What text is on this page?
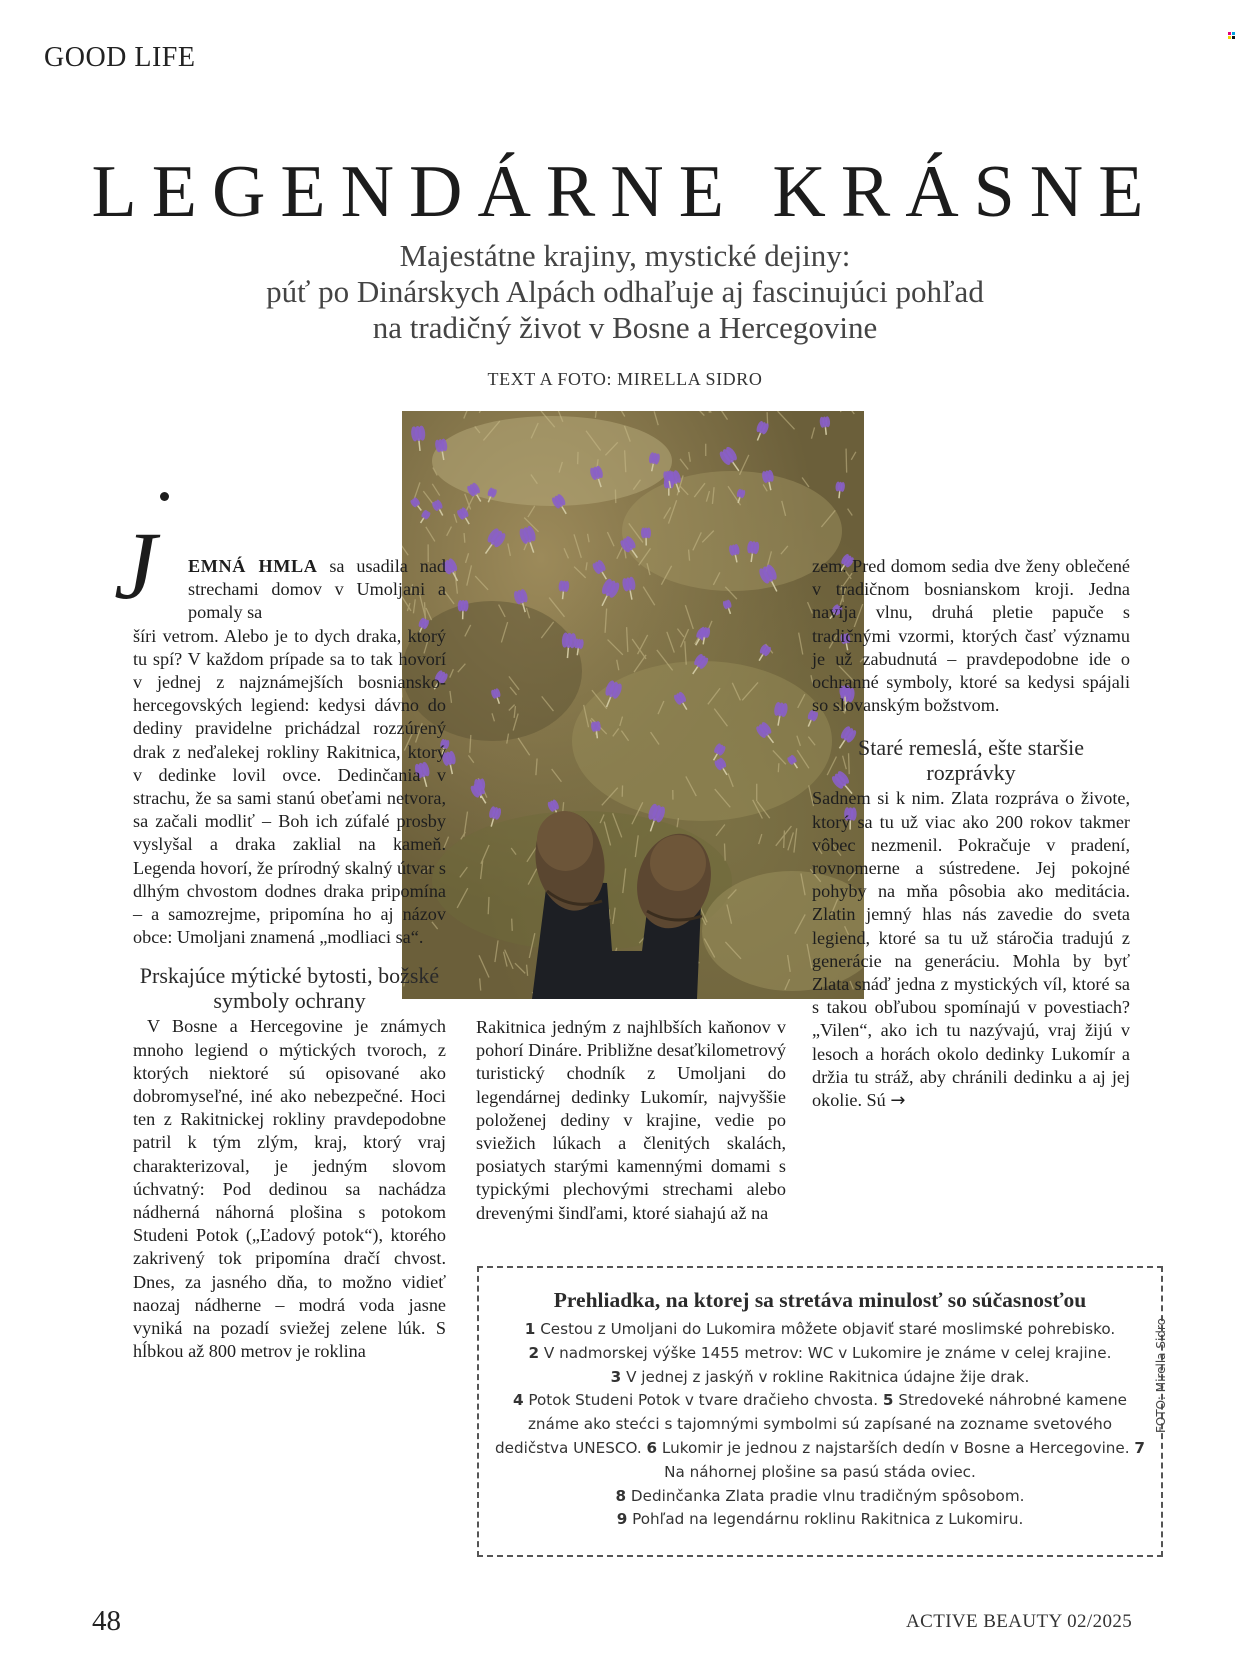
GOOD LIFE
LEGENDÁRNE KRÁSNE
Majestátne krajiny, mystické dejiny:
púť po Dinárskych Alpách odhaľuje aj fascinujúci pohľad
na tradičný život v Bosne a Hercegovine
TEXT A FOTO: MIRELLA SIDRO
J	EMNÁ HMLA sa usadila nad strechami domov v Umoljani a pomaly sa

šíri vetrom. Alebo je to dych draka, ktorý tu spí? V každom prípade sa to tak hovorí v jednej z najznámejších bosniansko-hercegovských legiend: kedysi dávno do dediny pravidelne prichádzal rozzúrený drak z neďalekej rokliny Rakitnica, ktorý v dedinke lovil ovce. Dedinčania v strachu, že sa sami stanú obeťami netvora, sa začali modliť – Boh ich zúfalé prosby vyslyšal a draka zaklial na kameň. Legenda hovorí, že prírodný skalný útvar s dlhým chvostom dodnes draka pripomína – a samozrejme, pripomína ho aj názov obce: Umoljani znamená „modliaci sa“.

Prskajúce mýtické bytosti, božské symboly ochrany

V Bosne a Hercegovine je známych mnoho legiend o mýtických tvoroch, z ktorých niektoré sú opisované ako dobromyseľné, iné ako nebezpečné. Hoci ten z Rakitnickej rokliny pravdepodobne patril k tým zlým, kraj, ktorý vraj charakterizoval, je jedným slovom úchvatný: Pod dedinou sa nachádza nádherná náhorná plošina s potokom Studeni Potok („Ľadový potok“), ktorého zakrivený tok pripomína dračí chvost. Dnes, za jasného dňa, to možno vidieť naozaj nádherne – modrá voda jasne vyniká na pozadí sviežej zelene lúk. S hĺbkou až 800 metrov je roklina

Rakitnica jedným z najhlbších kaňonov v pohorí Dináre. Približne desaťkilometrový turistický chodník z Umoljani do legendárnej dedinky Lukomír, najvyššie položenej dediny v krajine, vedie po sviežich lúkach a členitých skalách, posiatych starými kamennými domami s typickými plechovými strechami alebo drevenými šindľami, ktoré siahajú až na

zem. Pred domom sedia dve ženy oblečené v tradičnom bosnianskom kroji. Jedna navíja vlnu, druhá pletie papuče s tradičnými vzormi, ktorých časť významu je už zabudnutá – pravdepodobne ide o ochranné symboly, ktoré sa kedysi spájali so slovanským božstvom.

Staré remeslá, ešte staršie rozprávky

Sadnem si k nim. Zlata rozpráva o živote, ktorý sa tu už viac ako 200 rokov takmer vôbec nezmenil. Pokračuje v pradení, rovnomerne a sústredene. Jej pokojné pohyby na mňa pôsobia ako meditácia. Zlatin jemný hlas nás zavedie do sveta legiend, ktoré sa tu už stáročia tradujú z generácie na generáciu. Mohla by byť Zlata snáď jedna z mystických víl, ktoré sa s takou obľubou spomínajú v povestiach? „Vilen“, ako ich tu nazývajú, vraj žijú v lesoch a horách okolo dedinky Lukomír a držia tu stráž, aby chránili dedinku a aj jej okolie. Sú →

Prehliadka, na ktorej sa stretáva minulosť so súčasnosťou
1 Cestou z Umoljani do Lukomira môžete objaviť staré moslimské pohrebisko.
2 V nadmorskej výške 1455 metrov: WC v Lukomire je známe v celej krajine.
3 V jednej z jaskýň v rokline Rakitnica údajne žije drak.
4 Potok Studeni Potok v tvare dračieho chvosta. 5 Stredoveké náhrobné kamene známe ako stećci s tajomnými symbolmi sú zapísané na zozname svetového dedičstva UNESCO. 6 Lukomir je jednou z najstarších dedín v Bosne a Hercegovine. 7 Na náhornej plošine sa pasú stáda oviec.
8 Dedinčanka Zlata pradie vlnu tradičným spôsobom.
9 Pohľad na legendárnu roklinu Rakitnica z Lukomiru.
FOTO: Mirella Sidro
48	ACTIVE BEAUTY 02/2025
